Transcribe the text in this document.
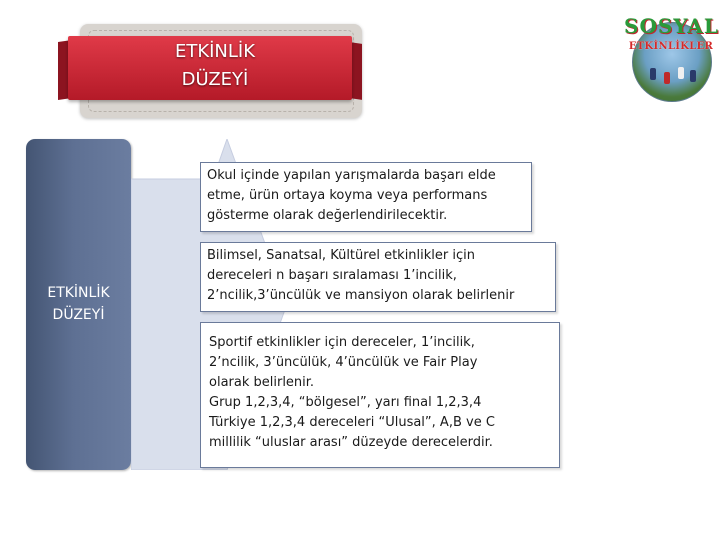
ETKİNLİK
DÜZEYİ
SOSYAL
ETKİNLİKLER
ETKİNLİK
DÜZEYİ

Okul içinde yapılan yarışmalarda başarı elde
etme, ürün ortaya koyma veya performans
gösterme olarak değerlendirilecektir.

Bilimsel, Sanatsal, Kültürel etkinlikler için
dereceleri n başarı sıralaması 1’incilik,
2’ncilik,3’üncülük ve mansiyon olarak belirlenir

Sportif etkinlikler için dereceler, 1’incilik,
2’ncilik, 3’üncülük, 4’üncülük ve Fair Play
olarak belirlenir.
Grup 1,2,3,4, “bölgesel”, yarı final 1,2,3,4
Türkiye 1,2,3,4 dereceleri “Ulusal”, A,B ve C
millilik “uluslar arası” düzeyde derecelerdir.
